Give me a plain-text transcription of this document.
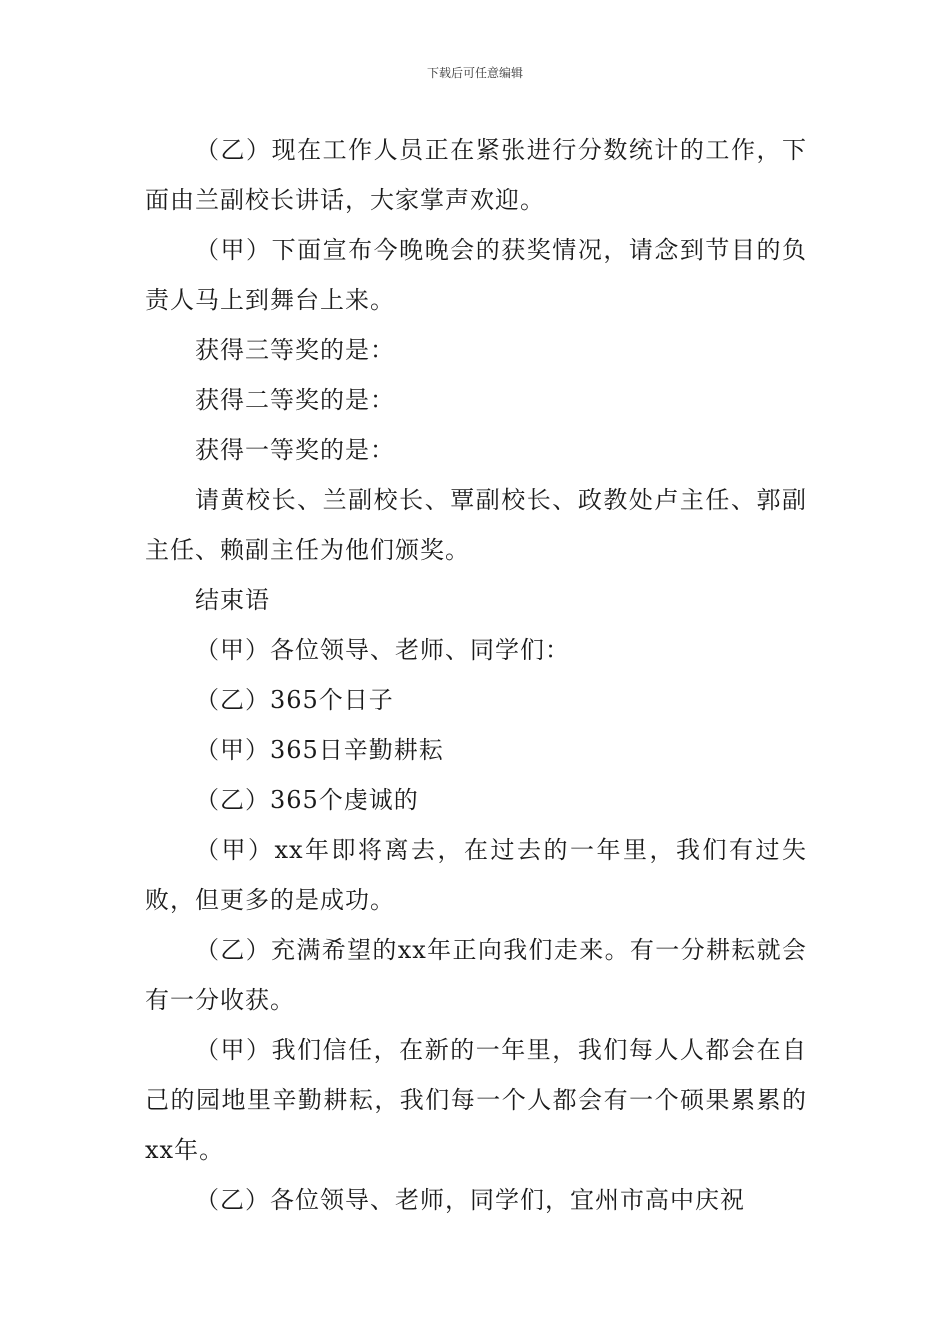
下载后可任意编辑

（乙）现在工作人员正在紧张进行分数统计的工作，下面由兰副校长讲话，大家掌声欢迎。

（甲）下面宣布今晚晚会的获奖情况，请念到节目的负责人马上到舞台上来。

获得三等奖的是：

获得二等奖的是：

获得一等奖的是：

请黄校长、兰副校长、覃副校长、政教处卢主任、郭副主任、赖副主任为他们颁奖。

结束语

（甲）各位领导、老师、同学们：

（乙）365个日子

（甲）365日辛勤耕耘

（乙）365个虔诚的

（甲）xx年即将离去，在过去的一年里，我们有过失败，但更多的是成功。

（乙）充满希望的xx年正向我们走来。有一分耕耘就会有一分收获。

（甲）我们信任，在新的一年里，我们每人人都会在自己的园地里辛勤耕耘，我们每一个人都会有一个硕果累累的xx年。

（乙）各位领导、老师，同学们，宜州市高中庆祝
